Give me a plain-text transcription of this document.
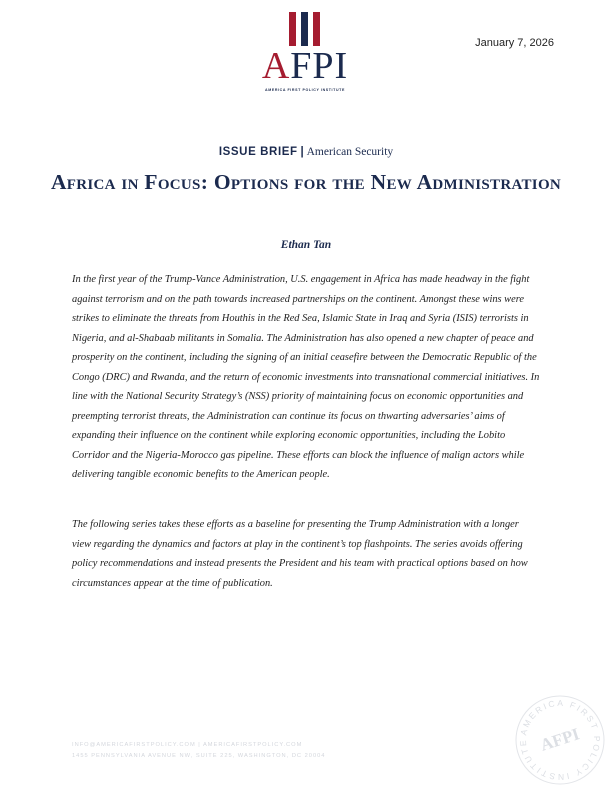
AFPI
AMERICA FIRST POLICY INSTITUTE
January 7, 2026
ISSUE BRIEF | American Security
Africa in Focus: Options for the New Administration
Ethan Tan

In the first year of the Trump-Vance Administration, U.S. engagement in Africa has made headway in the fight against terrorism and on the path towards increased partnerships on the continent. Amongst these wins were strikes to eliminate the threats from Houthis in the Red Sea, Islamic State in Iraq and Syria (ISIS) terrorists in Nigeria, and al-Shabaab militants in Somalia. The Administration has also opened a new chapter of peace and prosperity on the continent, including the signing of an initial ceasefire between the Democratic Republic of the Congo (DRC) and Rwanda, and the return of economic investments into transnational commercial initiatives. In line with the National Security Strategy’s (NSS) priority of maintaining focus on economic opportunities and preempting terrorist threats, the Administration can continue its focus on thwarting adversaries’ aims of expanding their influence on the continent while exploring economic opportunities, including the Lobito Corridor and the Nigeria-Morocco gas pipeline. These efforts can block the influence of malign actors while delivering tangible economic benefits to the American people.

The following series takes these efforts as a baseline for presenting the Trump Administration with a longer view regarding the dynamics and factors at play in the continent’s top flashpoints. The series avoids offering policy recommendations and instead presents the President and his team with practical options based on how circumstances appear at the time of publication.

INFO@AMERICAFIRSTPOLICY.COM | AMERICAFIRSTPOLICY.COM
1455 PENNSYLVANIA AVENUE NW, SUITE 225, WASHINGTON, DC 20004
AMERICA FIRST POLICY INSTITUTE AFPI
